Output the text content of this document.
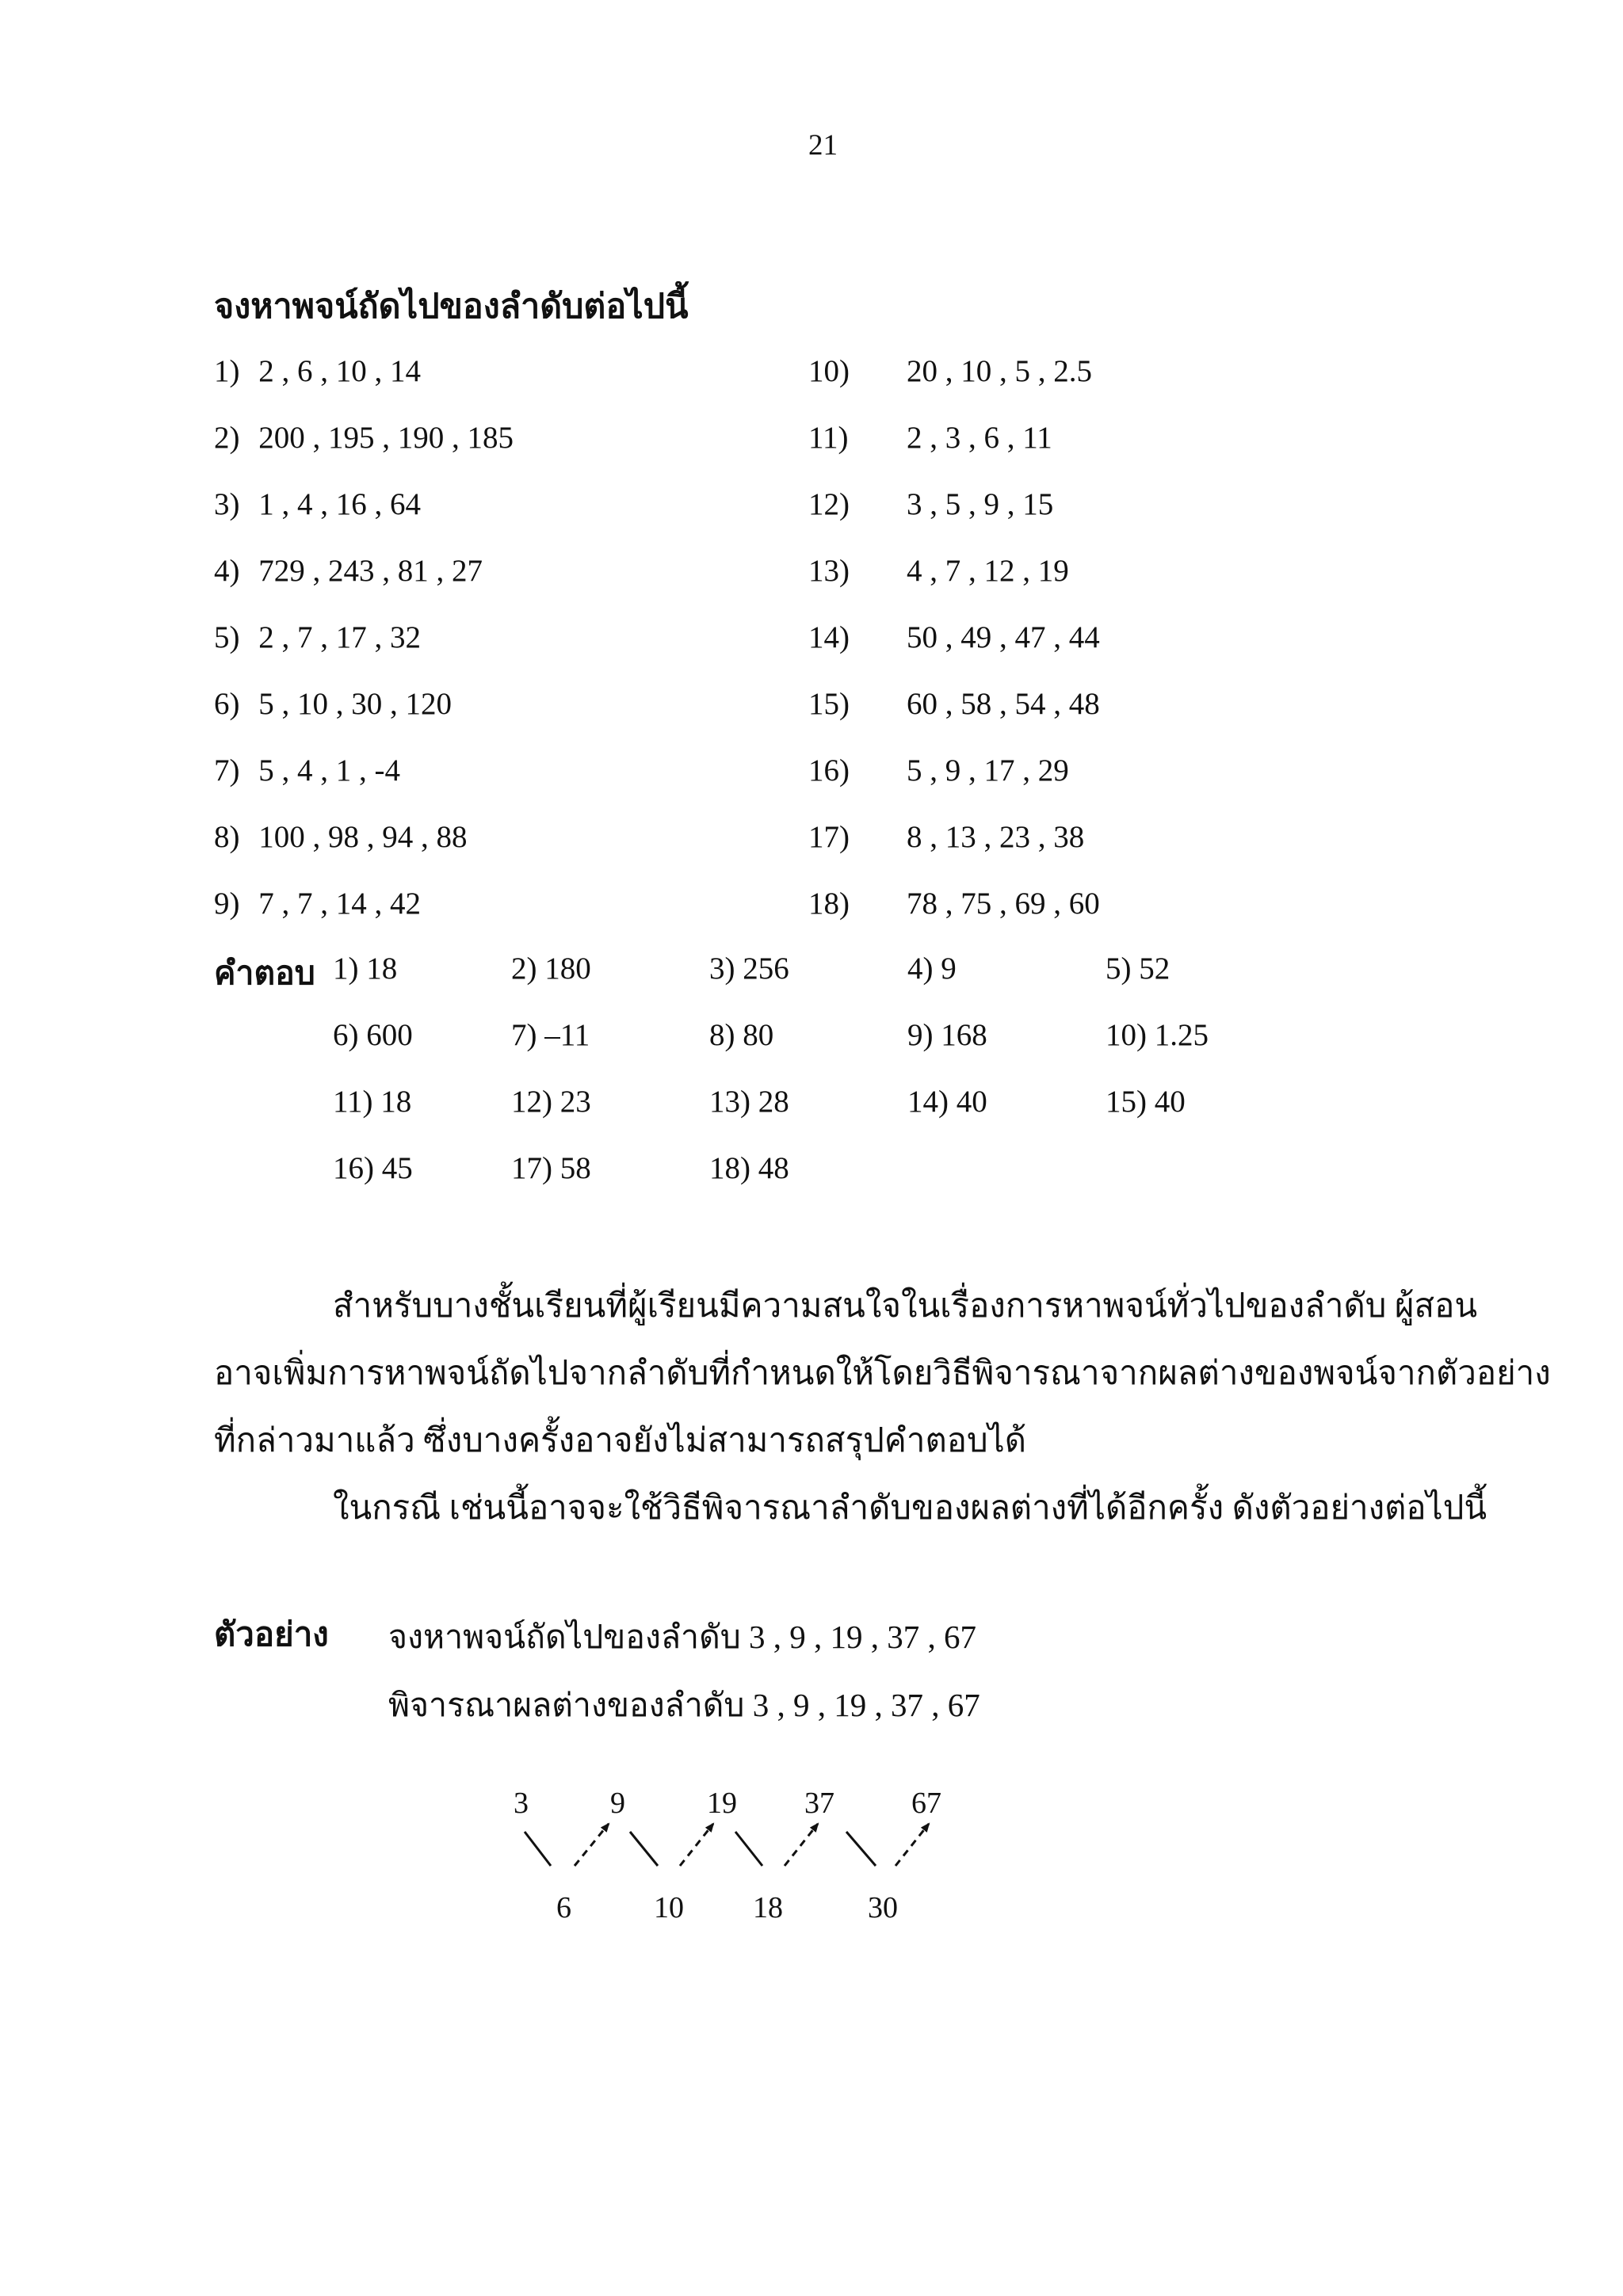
21
จงหาพจน์ถัดไปของลำดับต่อไปนี้
1) 2 , 6 , 10 , 14
2) 200 , 195 , 190 , 185
3) 1 , 4 , 16 , 64
4) 729 , 243 , 81 , 27
5) 2 , 7 , 17 , 32
6) 5 , 10 , 30 , 120
7) 5 , 4 , 1 , -4
8) 100 , 98 , 94 , 88
9) 7 , 7 , 14 , 42
10) 20 , 10 , 5 , 2.5
11) 2 , 3 , 6 , 11
12) 3 , 5 , 9 , 15
13) 4 , 7 , 12 , 19
14) 50 , 49 , 47 , 44
15) 60 , 58 , 54 , 48
16) 5 , 9 , 17 , 29
17) 8 , 13 , 23 , 38
18) 78 , 75 , 69 , 60
คำตอบ 1) 18	2) 180	3) 256	4) 9	5) 52
6) 600	7) –11	8) 80	9) 168	10) 1.25
11) 18	12) 23	13) 28	14) 40	15) 40
16) 45	17) 58	18) 48
สำหรับบางชั้นเรียนที่ผู้เรียนมีความสนใจในเรื่องการหาพจน์ทั่วไปของลำดับ ผู้สอน
อาจเพิ่มการหาพจน์ถัดไปจากลำดับที่กำหนดให้โดยวิธีพิจารณาจากผลต่างของพจน์จากตัวอย่าง
ที่กล่าวมาแล้ว ซึ่งบางครั้งอาจยังไม่สามารถสรุปคำตอบได้
ในกรณี เช่นนี้อาจจะใช้วิธีพิจารณาลำดับของผลต่างที่ได้อีกครั้ง ดังตัวอย่างต่อไปนี้
ตัวอย่าง จงหาพจน์ถัดไปของลำดับ 3 , 9 , 19 , 37 , 67
พิจารณาผลต่างของลำดับ 3 , 9 , 19 , 37 , 67
3	9	19 37	67
6	10 18	30
